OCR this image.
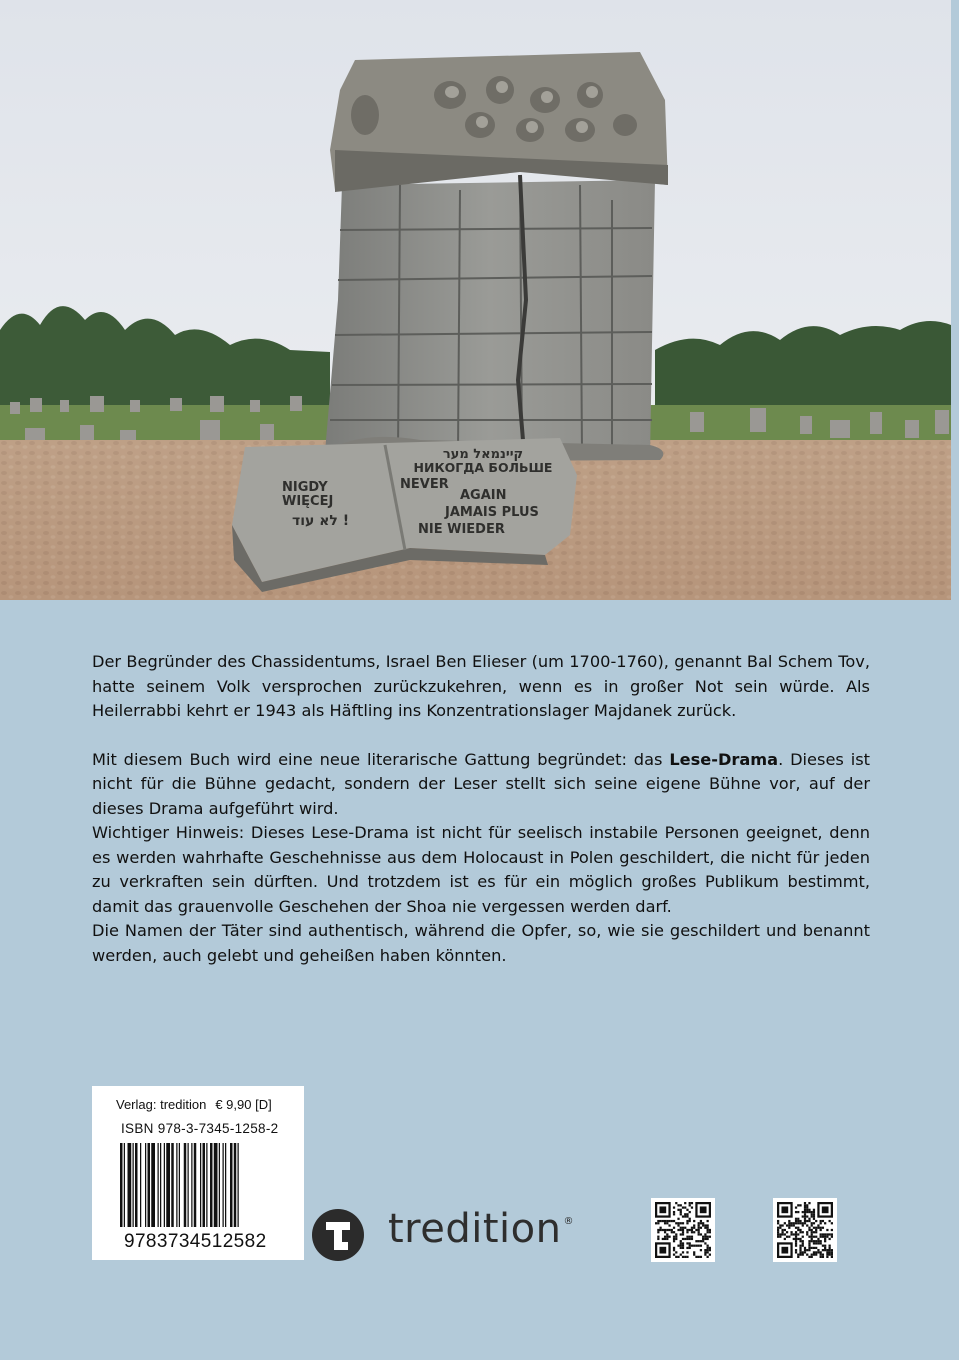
קיינמאל מער
НИКОГДА БОЛЬШЕ
NEVER
AGAIN
JAMAIS PLUS
NIE WIEDER
NIGDY
WIĘCEJ
לא עוד !

Der Begründer des Chassidentums, Israel Ben Elieser (um 1700-1760), genannt Bal Schem Tov, hatte seinem Volk versprochen zurückzukehren, wenn es in großer Not sein würde. Als Heilerrabbi kehrt er 1943 als Häftling ins Konzentrationslager Majdanek zurück.

Mit diesem Buch wird eine neue literarische Gattung begründet: das Lese-Drama. Dieses ist nicht für die Bühne gedacht, sondern der Leser stellt sich seine eigene Bühne vor, auf der dieses Drama aufgeführt wird.

Wichtiger Hinweis: Dieses Lese-Drama ist nicht für seelisch instabile Personen geeignet, denn es werden wahrhafte Geschehnisse aus dem Holocaust in Polen geschildert, die nicht für jeden zu verkraften sein dürften. Und trotzdem ist es für ein möglich großes Publikum bestimmt, damit das grauenvolle Geschehen der Shoa nie vergessen werden darf.

Die Namen der Täter sind authentisch, während die Opfer, so, wie sie geschildert und benannt werden, auch gelebt und geheißen haben könnten.

Verlag: tredition € 9,90 [D]
ISBN 978-3-7345-1258-2
9783734512582	tredition ®
